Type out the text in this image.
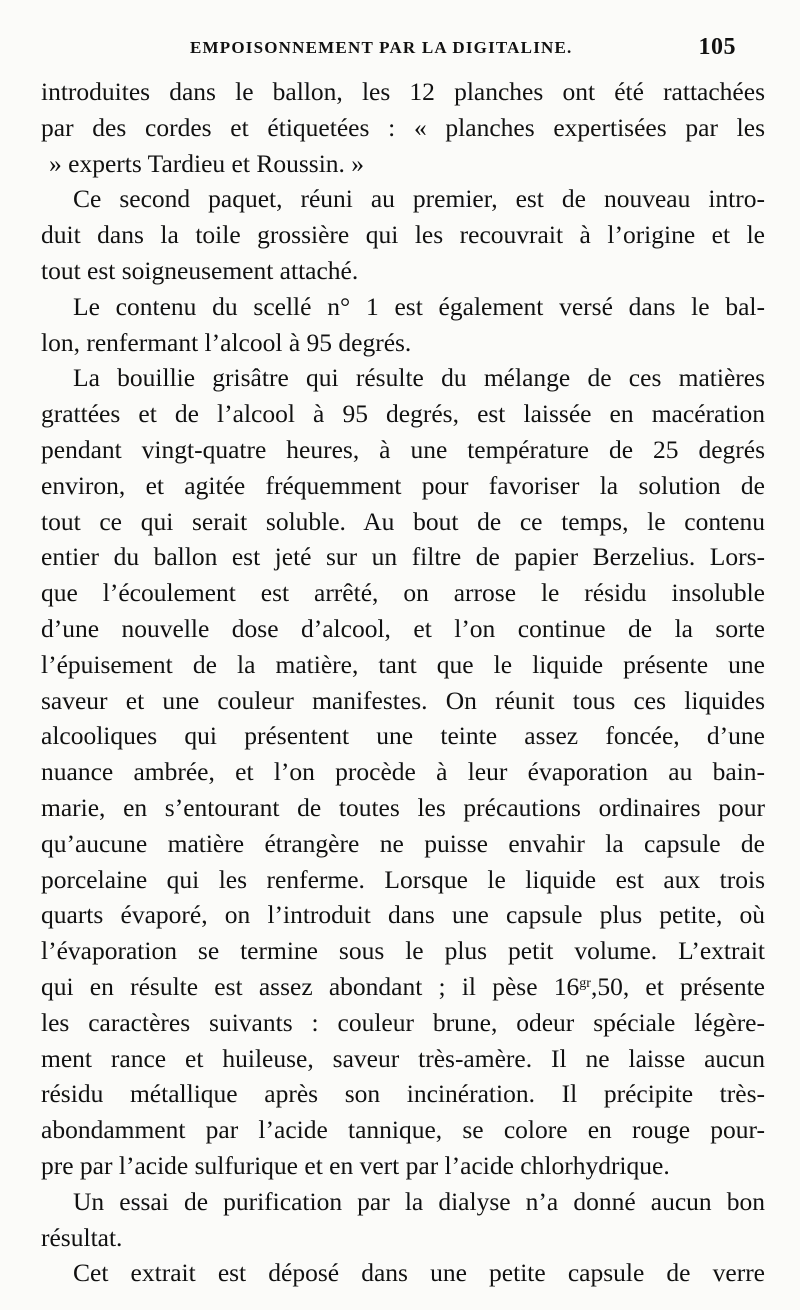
EMPOISONNEMENT PAR LA DIGITALINE.	105
introduites dans le ballon, les 12 planches ont été rattachées
par des cordes et étiquetées : « planches expertisées par les
» experts Tardieu et Roussin. »
Ce second paquet, réuni au premier, est de nouveau intro-
duit dans la toile grossière qui les recouvrait à l’origine et le
tout est soigneusement attaché.
Le contenu du scellé n° 1 est également versé dans le bal-
lon, renfermant l’alcool à 95 degrés.
La bouillie grisâtre qui résulte du mélange de ces matières
grattées et de l’alcool à 95 degrés, est laissée en macération
pendant vingt-quatre heures, à une température de 25 degrés
environ, et agitée fréquemment pour favoriser la solution de
tout ce qui serait soluble. Au bout de ce temps, le contenu
entier du ballon est jeté sur un filtre de papier Berzelius. Lors-
que l’écoulement est arrêté, on arrose le résidu insoluble
d’une nouvelle dose d’alcool, et l’on continue de la sorte
l’épuisement de la matière, tant que le liquide présente une
saveur et une couleur manifestes. On réunit tous ces liquides
alcooliques qui présentent une teinte assez foncée, d’une
nuance ambrée, et l’on procède à leur évaporation au bain-
marie, en s’entourant de toutes les précautions ordinaires pour
qu’aucune matière étrangère ne puisse envahir la capsule de
porcelaine qui les renferme. Lorsque le liquide est aux trois
quarts évaporé, on l’introduit dans une capsule plus petite, où
l’évaporation se termine sous le plus petit volume. L’extrait
qui en résulte est assez abondant ; il pèse $16^{gr},50$, et présente
les caractères suivants : couleur brune, odeur spéciale légère-
ment rance et huileuse, saveur très-amère. Il ne laisse aucun
résidu métallique après son incinération. Il précipite très-
abondamment par l’acide tannique, se colore en rouge pour-
pre par l’acide sulfurique et en vert par l’acide chlorhydrique.
Un essai de purification par la dialyse n’a donné aucun bon
résultat.
Cet extrait est déposé dans une petite capsule de verre
